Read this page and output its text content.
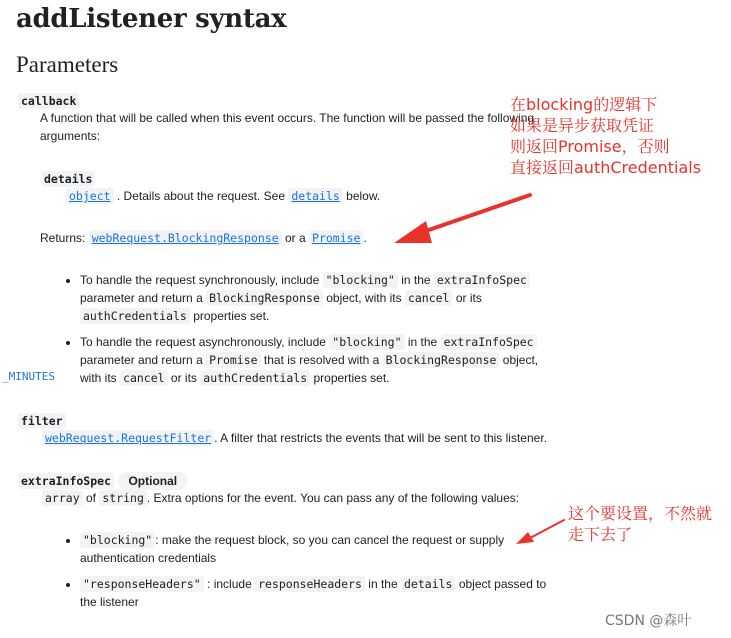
addListener syntax
Parameters
callback
A function that will be called when this event occurs. The function will be passed the following
arguments:
details
object . Details about the request. See details below.
Returns: webRequest.BlockingResponse or a Promise .
To handle the request synchronously, include "blocking" in the extraInfoSpec
parameter and return a BlockingResponse object, with its cancel or its
authCredentials properties set.
To handle the request asynchronously, include "blocking" in the extraInfoSpec
parameter and return a Promise that is resolved with a BlockingResponse object,
with its cancel or its authCredentials properties set.
_MINUTES
filter
webRequest.RequestFilter . A filter that restricts the events that will be sent to this listener.
extraInfoSpec Optional
array of string . Extra options for the event. You can pass any of the following values:
"blocking" : make the request block, so you can cancel the request or supply
authentication credentials
"responseHeaders" : include responseHeaders in the details object passed to
the listener
在blocking的逻辑下
如果是异步获取凭证
则返回Promise，否则
直接返回authCredentials
这个要设置，不然就
走下去了
CSDN @森叶
